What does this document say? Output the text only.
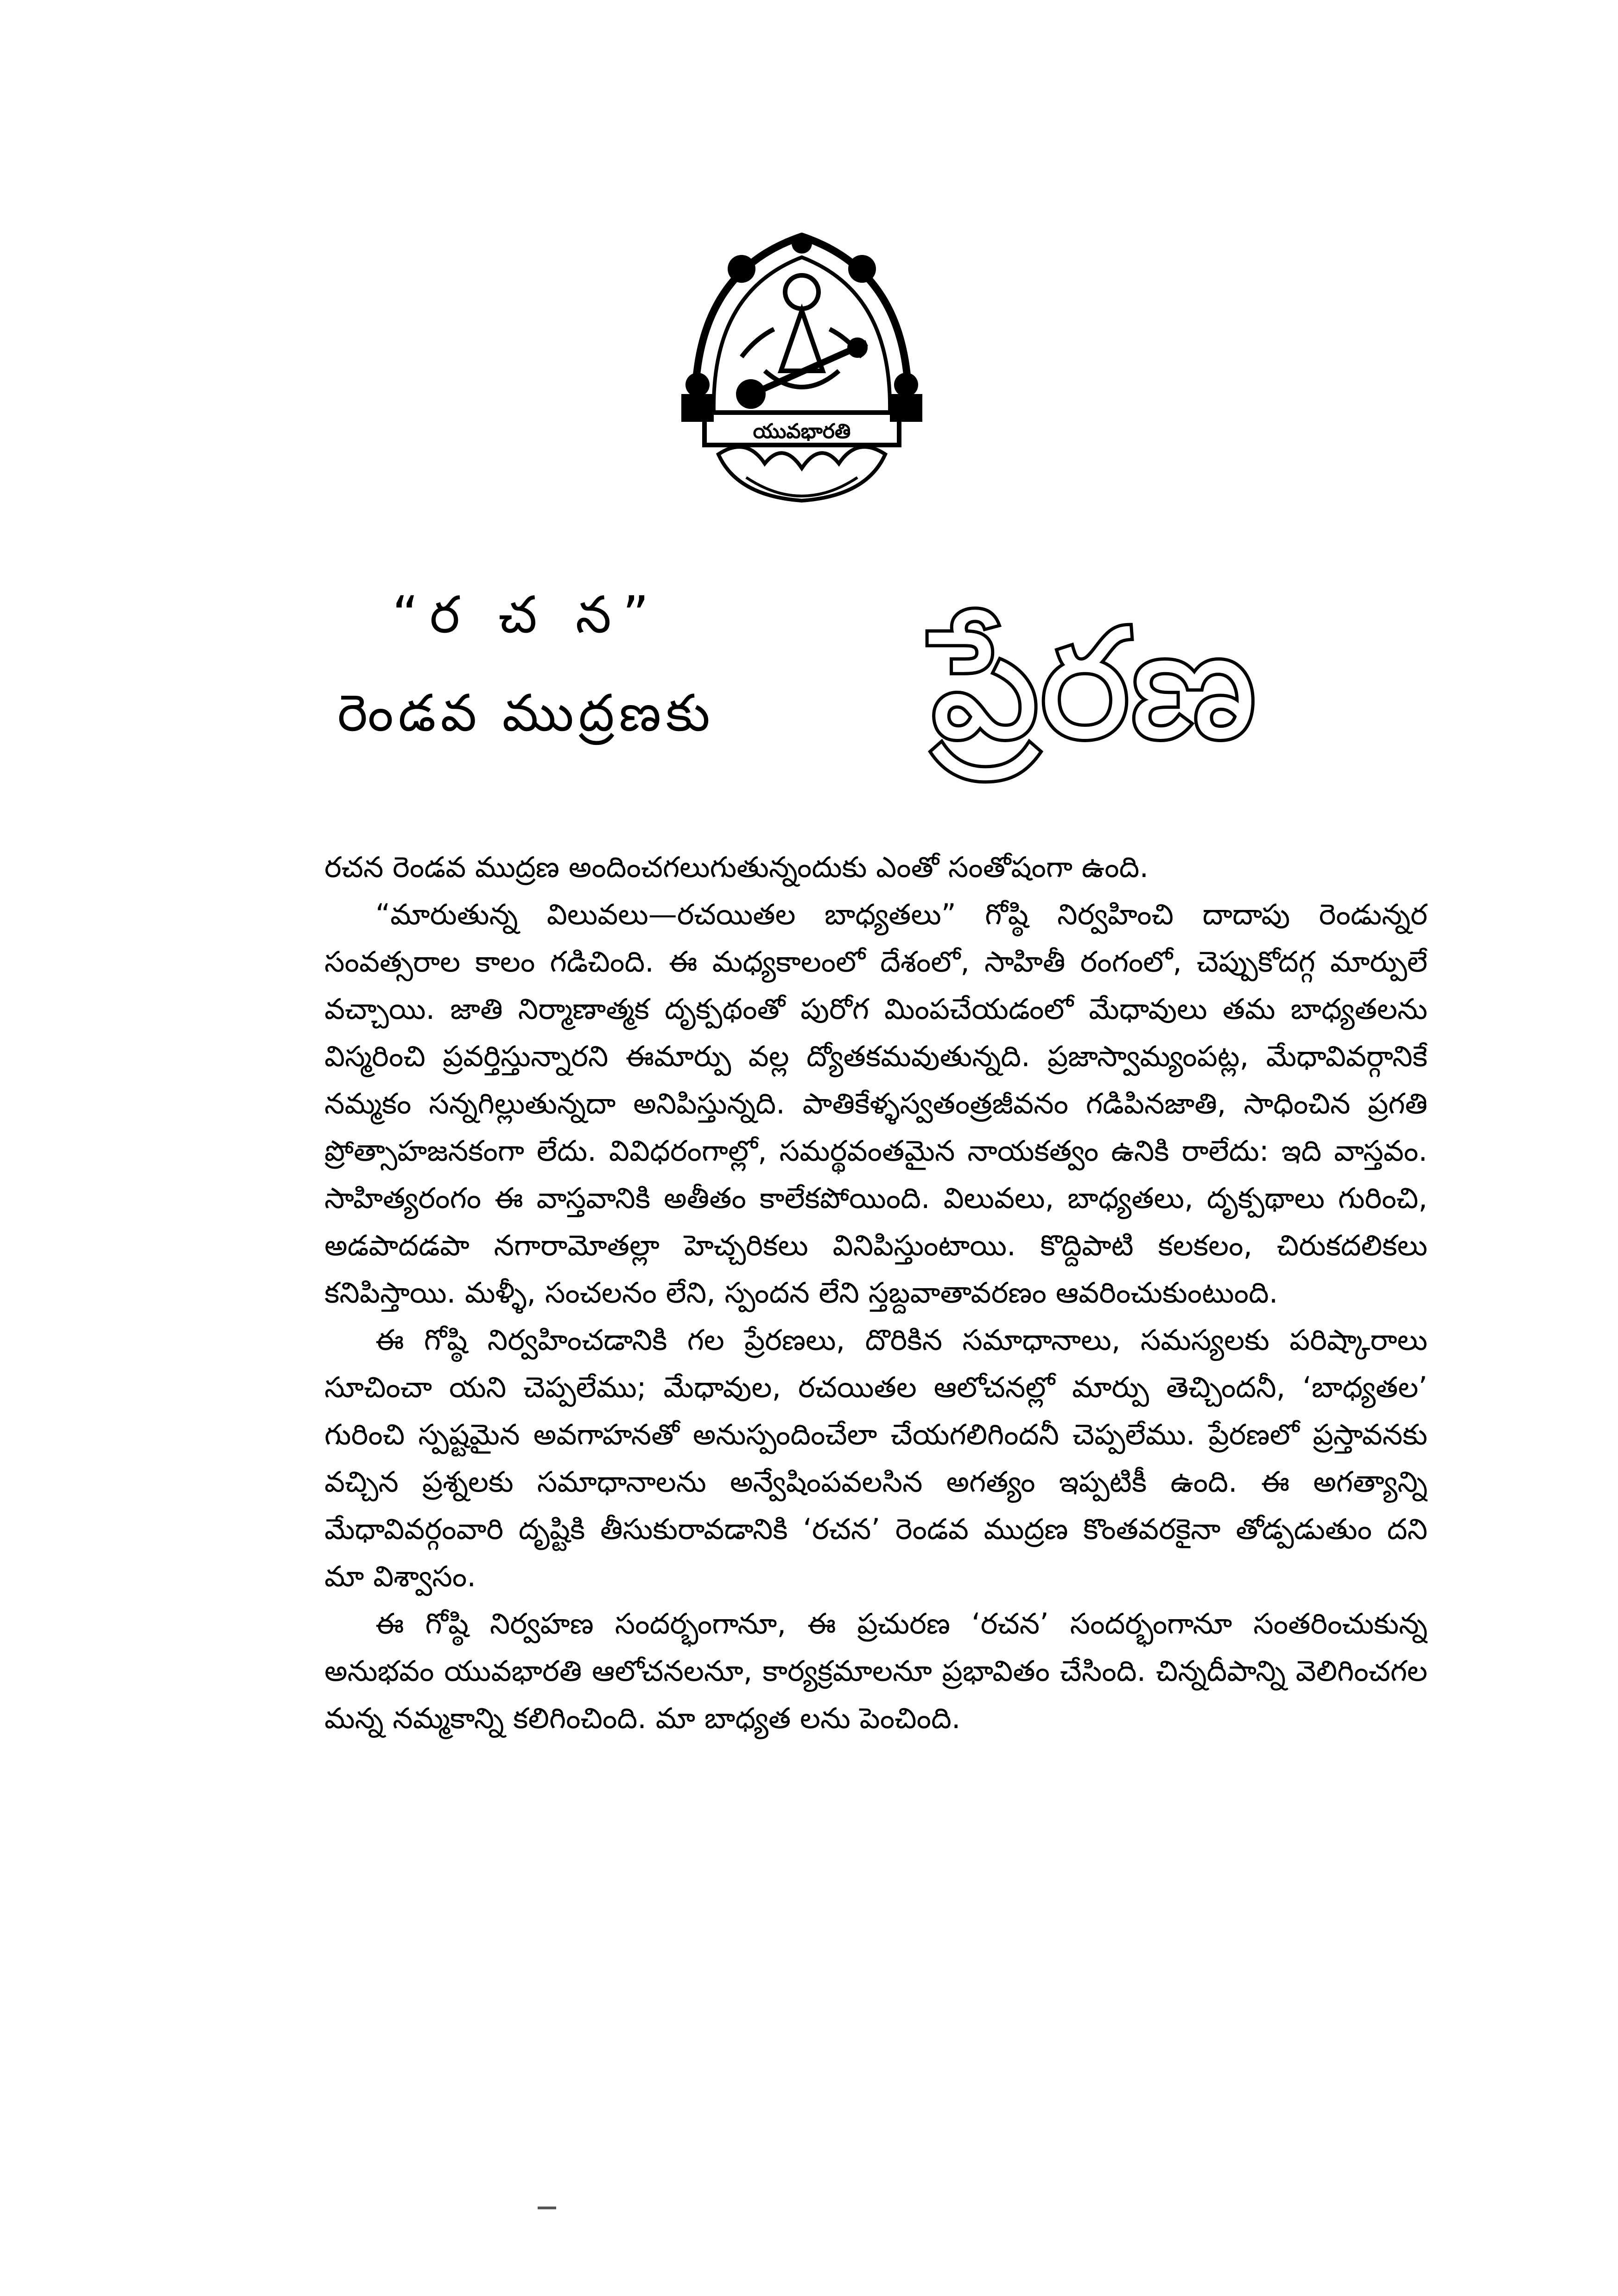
యువభారతి
“ర చ న”
రెండవ ముద్రణకు	ప్రేరణ

రచన రెండవ ముద్రణ అందించగలుగుతున్నందుకు ఎంతో సంతోషంగా ఉంది.

“మారుతున్న విలువలు—రచయితల బాధ్యతలు” గోష్ఠి నిర్వహించి దాదాపు రెండున్నర సంవత్సరాల కాలం గడిచింది. ఈ మధ్యకాలంలో దేశంలో, సాహితీ రంగంలో, చెప్పుకోదగ్గ మార్పులే వచ్చాయి. జాతి నిర్మాణాత్మక దృక్పథంతో పురోగ మింపచేయడంలో మేధావులు తమ బాధ్యతలను విస్మరించి ప్రవర్తిస్తున్నారని ఈమార్పు వల్ల ద్యోతకమవుతున్నది. ప్రజాస్వామ్యంపట్ల, మేధావివర్గానికే నమ్మకం సన్నగిల్లుతున్నదా అనిపిస్తున్నది. పాతికేళ్ళస్వతంత్రజీవనం గడిపినజాతి, సాధించిన ప్రగతి ప్రోత్సాహజనకంగా లేదు. వివిధరంగాల్లో, సమర్థవంతమైన నాయకత్వం ఉనికి రాలేదు: ఇది వాస్తవం. సాహిత్యరంగం ఈ వాస్తవానికి అతీతం కాలేకపోయింది. విలువలు, బాధ్యతలు, దృక్పథాలు గురించి, అడపాదడపా నగారామోతల్లా హెచ్చరికలు వినిపిస్తుంటాయి. కొద్దిపాటి కలకలం, చిరుకదలికలు కనిపిస్తాయి. మళ్ళీ, సంచలనం లేని, స్పందన లేని స్తబ్దవాతావరణం ఆవరించుకుంటుంది.

ఈ గోష్ఠి నిర్వహించడానికి గల ప్రేరణలు, దొరికిన సమాధానాలు, సమస్యలకు పరిష్కారాలు సూచించా యని చెప్పలేము; మేధావుల, రచయితల ఆలోచనల్లో మార్పు తెచ్చిందనీ, ‘బాధ్యతల’ గురించి స్పష్టమైన అవగాహనతో అనుస్పందించేలా చేయగలిగిందనీ చెప్పలేము. ప్రేరణలో ప్రస్తావనకు వచ్చిన ప్రశ్నలకు సమాధానాలను అన్వేషింపవలసిన అగత్యం ఇప్పటికీ ఉంది. ఈ అగత్యాన్ని మేధావివర్గంవారి దృష్టికి తీసుకురావడానికి ‘రచన’ రెండవ ముద్రణ కొంతవరకైనా తోడ్పడుతుం దని మా విశ్వాసం.

ఈ గోష్ఠి నిర్వహణ సందర్భంగానూ, ఈ ప్రచురణ ‘రచన’ సందర్భంగానూ సంతరించుకున్న అనుభవం యువభారతి ఆలోచనలనూ, కార్యక్రమాలనూ ప్రభావితం చేసింది. చిన్నదీపాన్ని వెలిగించగల మన్న నమ్మకాన్ని కలిగించింది. మా బాధ్యత లను పెంచింది.
